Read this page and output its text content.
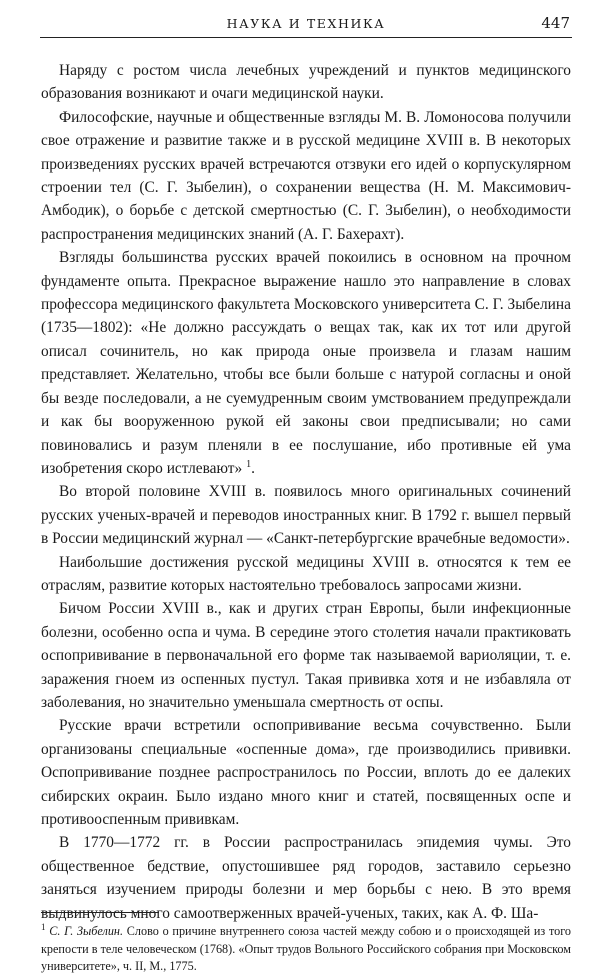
НАУКА И ТЕХНИКА	447

Наряду с ростом числа лечебных учреждений и пунктов медицинского образования возникают и очаги медицинской науки.

Философские, научные и общественные взгляды М. В. Ломоносова получили свое отражение и развитие также и в русской медицине XVIII в. В некоторых произведениях русских врачей встречаются отзвуки его идей о корпускулярном строении тел (С. Г. Зыбелин), о сохранении вещества (Н. М. Максимович-Амбодик), о борьбе с детской смертностью (С. Г. Зыбелин), о необходимости распространения медицинских знаний (А. Г. Бахерахт).

Взгляды большинства русских врачей покоились в основном на прочном фундаменте опыта. Прекрасное выражение нашло это направление в словах профессора медицинского факультета Московского университета С. Г. Зыбелина (1735—1802): «Не должно рассуждать о вещах так, как их тот или другой описал сочинитель, но как природа оные произвела и глазам нашим представляет. Желательно, чтобы все были больше с натурой согласны и оной бы везде последовали, а не суемудренным своим умствованием предупреждали и как бы вооруженною рукой ей законы свои предписывали; но сами повиновались и разум пленяли в ее послушание, ибо противные ей ума изобретения скоро истлевают» $^1$.

Во второй половине XVIII в. появилось много оригинальных сочинений русских ученых-врачей и переводов иностранных книг. В 1792 г. вышел первый в России медицинский журнал — «Санкт-петербургские врачебные ведомости».

Наибольшие достижения русской медицины XVIII в. относятся к тем ее отраслям, развитие которых настоятельно требовалось запросами жизни.

Бичом России XVIII в., как и других стран Европы, были инфекционные болезни, особенно оспа и чума. В середине этого столетия начали практиковать оспопрививание в первоначальной его форме так называемой вариоляции, т. е. заражения гноем из оспенных пустул. Такая прививка хотя и не избавляла от заболевания, но значительно уменьшала смертность от оспы.

Русские врачи встретили оспопрививание весьма сочувственно. Были организованы специальные «оспенные дома», где производились прививки. Оспопрививание позднее распространилось по России, вплоть до ее далеких сибирских окраин. Было издано много книг и статей, посвященных оспе и противооспенным прививкам.

В 1770—1772 гг. в России распространилась эпидемия чумы. Это общественное бедствие, опустошившее ряд городов, заставило серьезно заняться изучением природы болезни и мер борьбы с нею. В это время выдвинулось много самоотверженных врачей-ученых, таких, как А. Ф. Ша-

$^1$ С. Г. Зыбелин. Слово о причине внутреннего союза частей между собою и о происходящей из того крепости в теле человеческом (1768). «Опыт трудов Вольного Российского собрания при Московском университете», ч. II, М., 1775.
